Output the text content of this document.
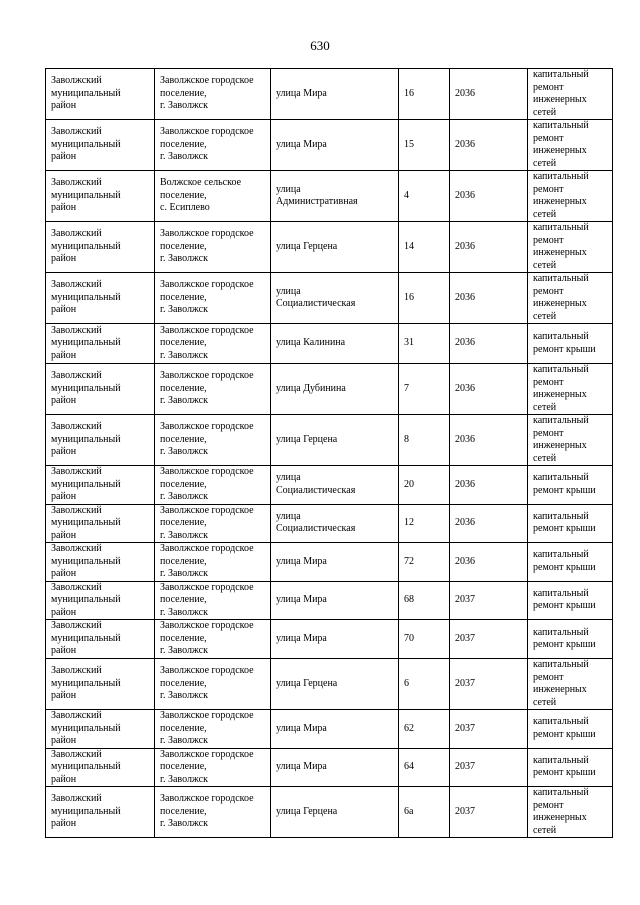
630
Заволжский
муниципальный
район	Заволжское городское
поселение,
г. Заволжск	улица Мира	16	2036	капитальный
ремонт
инженерных
сетей

Заволжский
муниципальный
район	Заволжское городское
поселение,
г. Заволжск	улица Мира	15	2036	капитальный
ремонт
инженерных
сетей

Заволжский
муниципальный
район	Волжское сельское
поселение,
с. Есиплево	улица
Административная	4	2036	капитальный
ремонт
инженерных
сетей

Заволжский
муниципальный
район	Заволжское городское
поселение,
г. Заволжск	улица Герцена	14	2036	капитальный
ремонт
инженерных
сетей

Заволжский
муниципальный
район	Заволжское городское
поселение,
г. Заволжск	улица
Социалистическая	16	2036	капитальный
ремонт
инженерных
сетей

Заволжский
муниципальный
район	Заволжское городское
поселение,
г. Заволжск	улица Калинина	31	2036	капитальный
ремонт крыши

Заволжский
муниципальный
район	Заволжское городское
поселение,
г. Заволжск	улица Дубинина	7	2036	капитальный
ремонт
инженерных
сетей

Заволжский
муниципальный
район	Заволжское городское
поселение,
г. Заволжск	улица Герцена	8	2036	капитальный
ремонт
инженерных
сетей

Заволжский
муниципальный
район	Заволжское городское
поселение,
г. Заволжск	улица
Социалистическая	20	2036	капитальный
ремонт крыши

Заволжский
муниципальный
район	Заволжское городское
поселение,
г. Заволжск	улица
Социалистическая	12	2036	капитальный
ремонт крыши

Заволжский
муниципальный
район	Заволжское городское
поселение,
г. Заволжск	улица Мира	72	2036	капитальный
ремонт крыши

Заволжский
муниципальный
район	Заволжское городское
поселение,
г. Заволжск	улица Мира	68	2037	капитальный
ремонт крыши

Заволжский
муниципальный
район	Заволжское городское
поселение,
г. Заволжск	улица Мира	70	2037	капитальный
ремонт крыши

Заволжский
муниципальный
район	Заволжское городское
поселение,
г. Заволжск	улица Герцена	6	2037	капитальный
ремонт
инженерных
сетей

Заволжский
муниципальный
район	Заволжское городское
поселение,
г. Заволжск	улица Мира	62	2037	капитальный
ремонт крыши

Заволжский
муниципальный
район	Заволжское городское
поселение,
г. Заволжск	улица Мира	64	2037	капитальный
ремонт крыши

Заволжский
муниципальный
район	Заволжское городское
поселение,
г. Заволжск	улица Герцена	6а	2037	капитальный
ремонт
инженерных
сетей
